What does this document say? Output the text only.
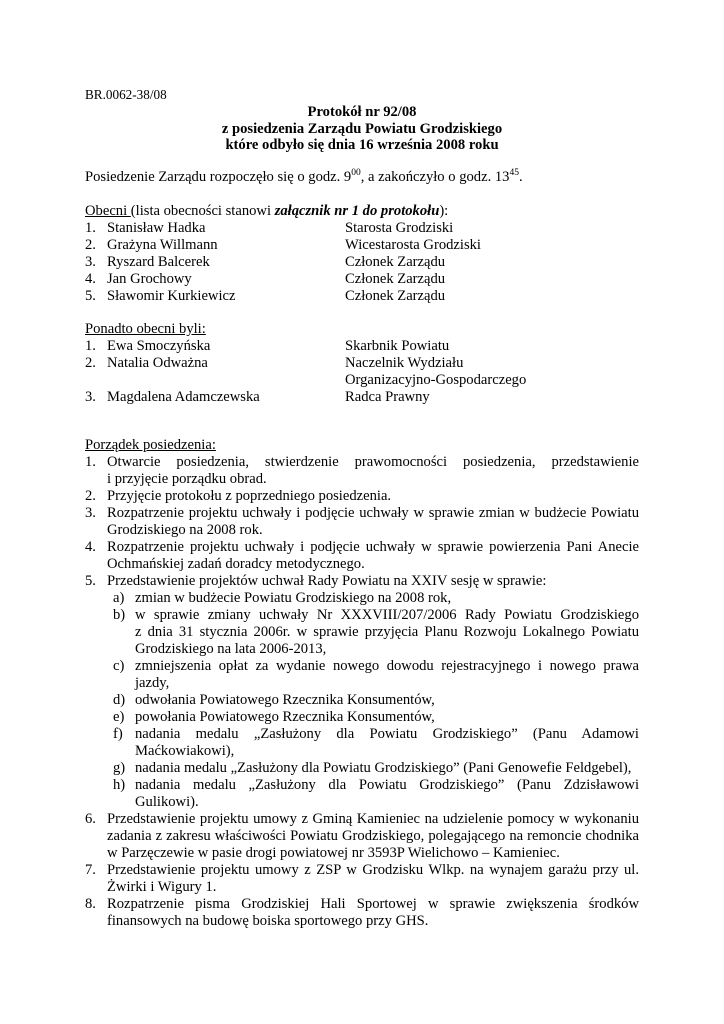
BR.0062-38/08
Protokół nr 92/08
z posiedzenia Zarządu Powiatu Grodziskiego
które odbyło się dnia 16 września 2008 roku
Posiedzenie Zarządu rozpoczęło się o godz. $9^{00}$, a zakończyło o godz. $13^{45}$.
Obecni (lista obecności stanowi załącznik nr 1 do protokołu):
1. Stanisław Hadka	Starosta Grodziski
2. Grażyna Willmann	Wicestarosta Grodziski
3. Ryszard Balcerek	Członek Zarządu
4. Jan Grochowy	Członek Zarządu
5. Sławomir Kurkiewicz	Członek Zarządu
Ponadto obecni byli:
1. Ewa Smoczyńska	Skarbnik Powiatu
2. Natalia Odważna	Naczelnik Wydziału
Organizacyjno-Gospodarczego
3. Magdalena Adamczewska	Radca Prawny
Porządek posiedzenia:
1. Otwarcie posiedzenia, stwierdzenie prawomocności posiedzenia, przedstawienie
i przyjęcie porządku obrad.
2. Przyjęcie protokołu z poprzedniego posiedzenia.
3. Rozpatrzenie projektu uchwały i podjęcie uchwały w sprawie zmian w budżecie Powiatu
Grodziskiego na 2008 rok.
4. Rozpatrzenie projektu uchwały i podjęcie uchwały w sprawie powierzenia Pani Anecie
Ochmańskiej zadań doradcy metodycznego.
5. Przedstawienie projektów uchwał Rady Powiatu na XXIV sesję w sprawie:
a) zmian w budżecie Powiatu Grodziskiego na 2008 rok,
b) w sprawie zmiany uchwały Nr XXXVIII/207/2006 Rady Powiatu Grodziskiego
z dnia 31 stycznia 2006r. w sprawie przyjęcia Planu Rozwoju Lokalnego Powiatu
Grodziskiego na lata 2006-2013,
c) zmniejszenia opłat za wydanie nowego dowodu rejestracyjnego i nowego prawa
jazdy,
d) odwołania Powiatowego Rzecznika Konsumentów,
e) powołania Powiatowego Rzecznika Konsumentów,
f) nadania medalu „Zasłużony dla Powiatu Grodziskiego” (Panu Adamowi
Maćkowiakowi),
g) nadania medalu „Zasłużony dla Powiatu Grodziskiego” (Pani Genowefie Feldgebel),
h) nadania medalu „Zasłużony dla Powiatu Grodziskiego” (Panu Zdzisławowi
Gulikowi).
6. Przedstawienie projektu umowy z Gminą Kamieniec na udzielenie pomocy w wykonaniu
zadania z zakresu właściwości Powiatu Grodziskiego, polegającego na remoncie chodnika
w Parzęczewie w pasie drogi powiatowej nr 3593P Wielichowo – Kamieniec.
7. Przedstawienie projektu umowy z ZSP w Grodzisku Wlkp. na wynajem garażu przy ul.
Żwirki i Wigury 1.
8. Rozpatrzenie pisma Grodziskiej Hali Sportowej w sprawie zwiększenia środków
finansowych na budowę boiska sportowego przy GHS.
